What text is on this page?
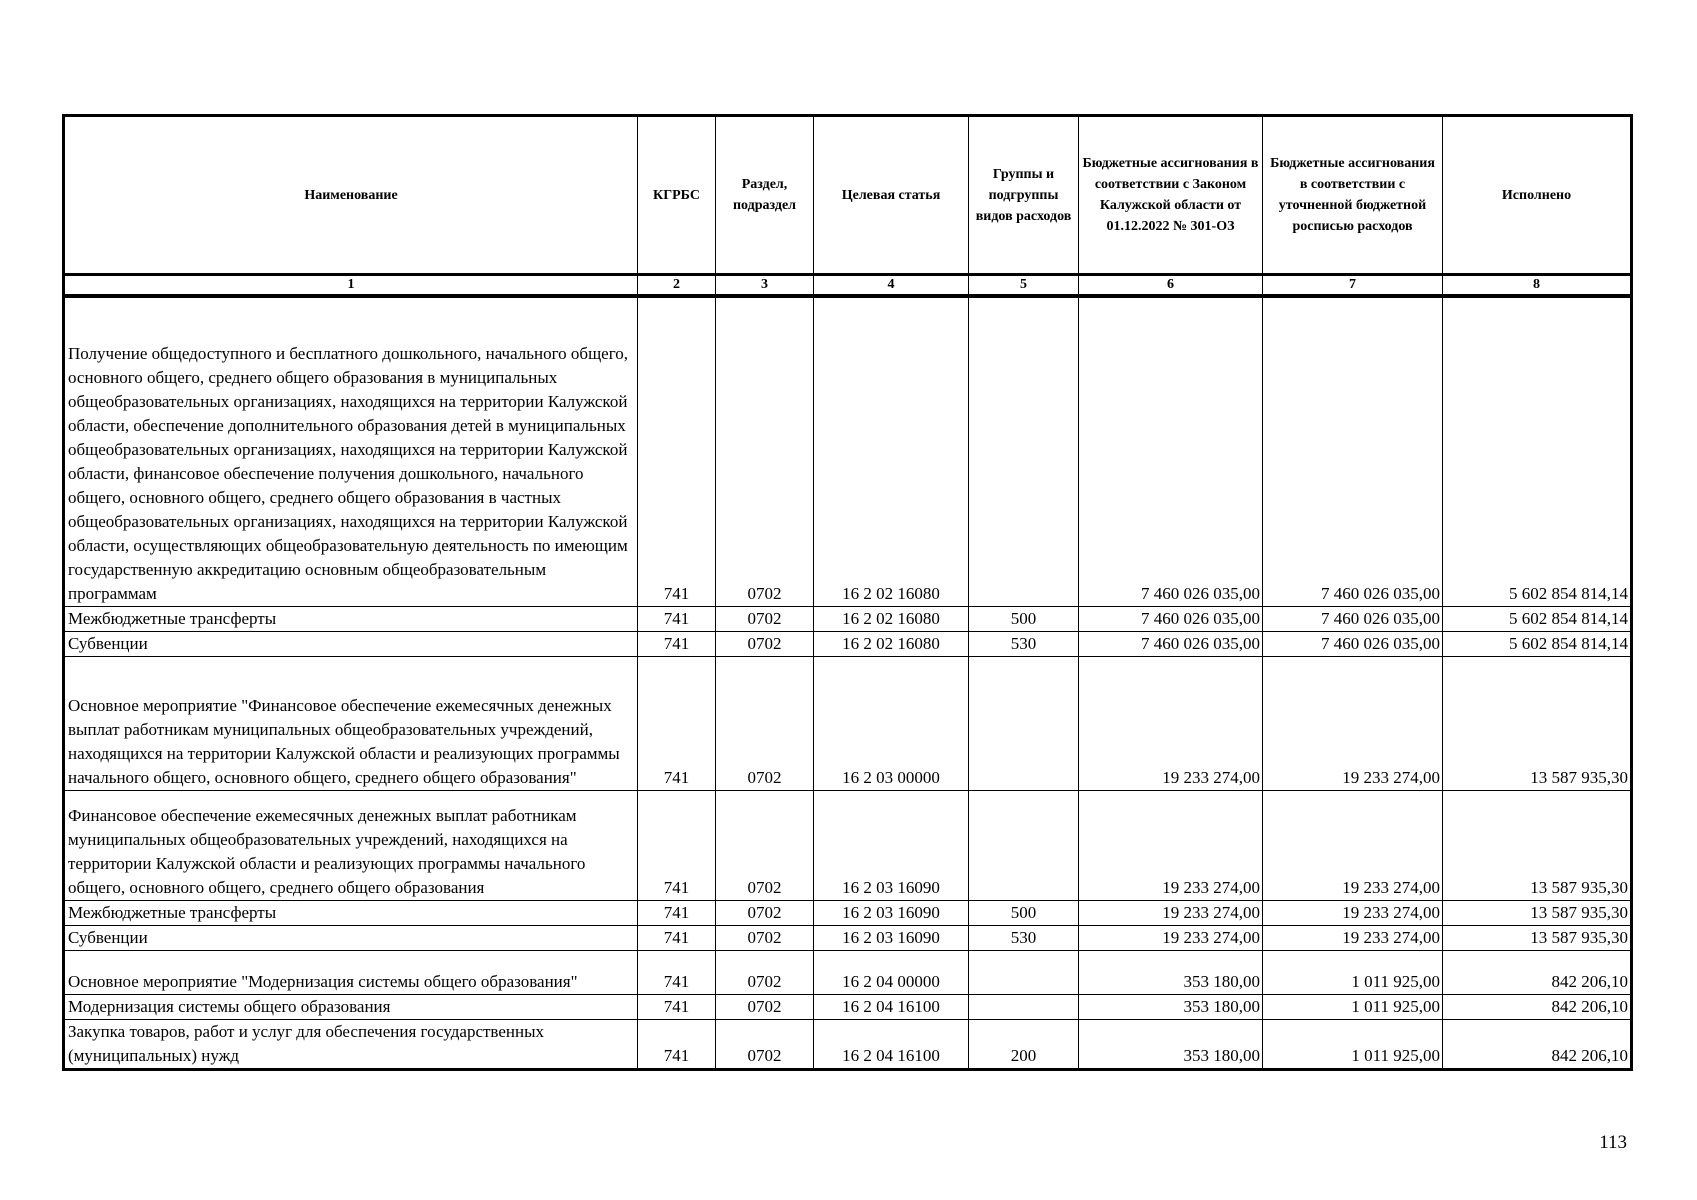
Наименование	КГРБС	Раздел, подраздел	Целевая статья	Группы и подгруппы видов расходов	Бюджетные ассигнования в соответствии с Законом Калужской области от 01.12.2022 № 301-ОЗ	Бюджетные ассигнования в соответствии с уточненной бюджетной росписью расходов	Исполнено
1	2	3	4	5	6	7	8
Получение общедоступного и бесплатного дошкольного, начального общего, основного общего, среднего общего образования в муниципальных общеобразовательных организациях, находящихся на территории Калужской области, обеспечение дополнительного образования детей в муниципальных общеобразовательных организациях, находящихся на территории Калужской области, финансовое обеспечение получения дошкольного, начального общего, основного общего, среднего общего образования в частных общеобразовательных организациях, находящихся на территории Калужской области, осуществляющих общеобразовательную деятельность по имеющим государственную аккредитацию основным общеобразовательным программам	741	0702	16 2 02 16080		7 460 026 035,00	7 460 026 035,00	5 602 854 814,14
Межбюджетные трансферты	741	0702	16 2 02 16080	500	7 460 026 035,00	7 460 026 035,00	5 602 854 814,14
Субвенции	741	0702	16 2 02 16080	530	7 460 026 035,00	7 460 026 035,00	5 602 854 814,14
Основное мероприятие "Финансовое обеспечение ежемесячных денежных выплат работникам муниципальных общеобразовательных учреждений, находящихся на территории Калужской области и реализующих программы начального общего, основного общего, среднего общего образования"	741	0702	16 2 03 00000		19 233 274,00	19 233 274,00	13 587 935,30
Финансовое обеспечение ежемесячных денежных выплат работникам муниципальных общеобразовательных учреждений, находящихся на территории Калужской области и реализующих программы начального общего, основного общего, среднего общего образования	741	0702	16 2 03 16090		19 233 274,00	19 233 274,00	13 587 935,30
Межбюджетные трансферты	741	0702	16 2 03 16090	500	19 233 274,00	19 233 274,00	13 587 935,30
Субвенции	741	0702	16 2 03 16090	530	19 233 274,00	19 233 274,00	13 587 935,30
Основное мероприятие "Модернизация системы общего образования"	741	0702	16 2 04 00000		353 180,00	1 011 925,00	842 206,10
Модернизация системы общего образования	741	0702	16 2 04 16100		353 180,00	1 011 925,00	842 206,10
Закупка товаров, работ и услуг для обеспечения государственных (муниципальных) нужд	741	0702	16 2 04 16100	200	353 180,00	1 011 925,00	842 206,10
113
